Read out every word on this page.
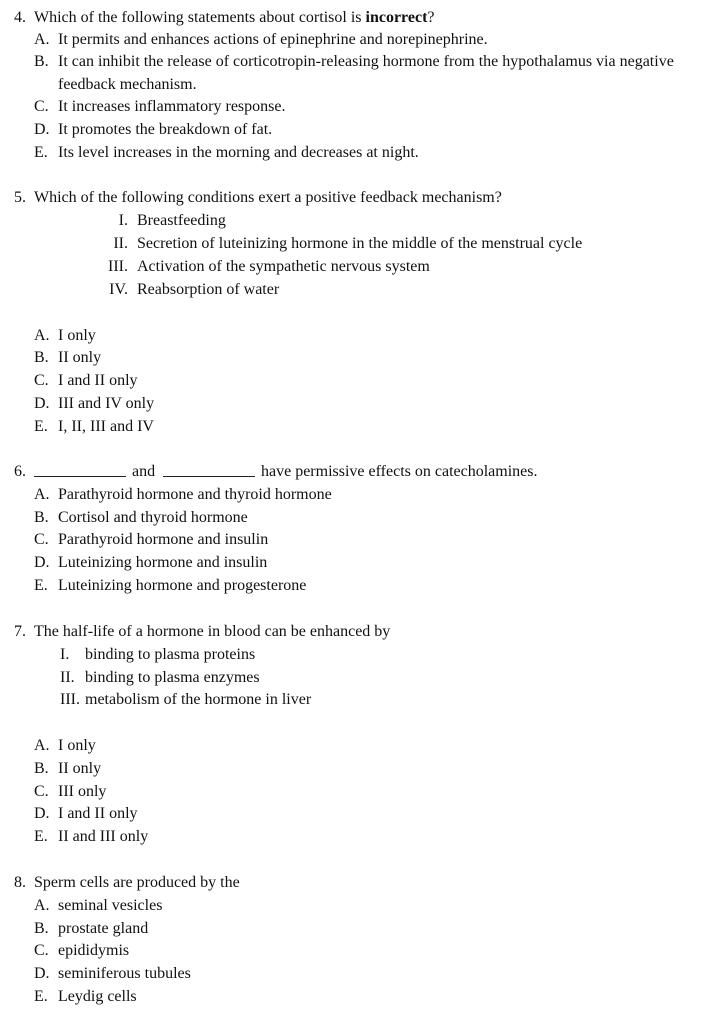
4. Which of the following statements about cortisol is incorrect?
A. It permits and enhances actions of epinephrine and norepinephrine.
B. It can inhibit the release of corticotropin-releasing hormone from the hypothalamus via negative
feedback mechanism.
C. It increases inflammatory response.
D. It promotes the breakdown of fat.
E. Its level increases in the morning and decreases at night.
5. Which of the following conditions exert a positive feedback mechanism?
I. Breastfeeding
II. Secretion of luteinizing hormone in the middle of the menstrual cycle
III. Activation of the sympathetic nervous system
IV. Reabsorption of water
A. I only
B. II only
C. I and II only
D. III and IV only
E. I, II, III and IV
6.	and	have permissive effects on catecholamines.
A. Parathyroid hormone and thyroid hormone
B. Cortisol and thyroid hormone
C. Parathyroid hormone and insulin
D. Luteinizing hormone and insulin
E. Luteinizing hormone and progesterone
7. The half-life of a hormone in blood can be enhanced by
I. binding to plasma proteins
II. binding to plasma enzymes
III. metabolism of the hormone in liver
A. I only
B. II only
C. III only
D. I and II only
E. II and III only
8. Sperm cells are produced by the
A. seminal vesicles
B. prostate gland
C. epididymis
D. seminiferous tubules
E. Leydig cells
